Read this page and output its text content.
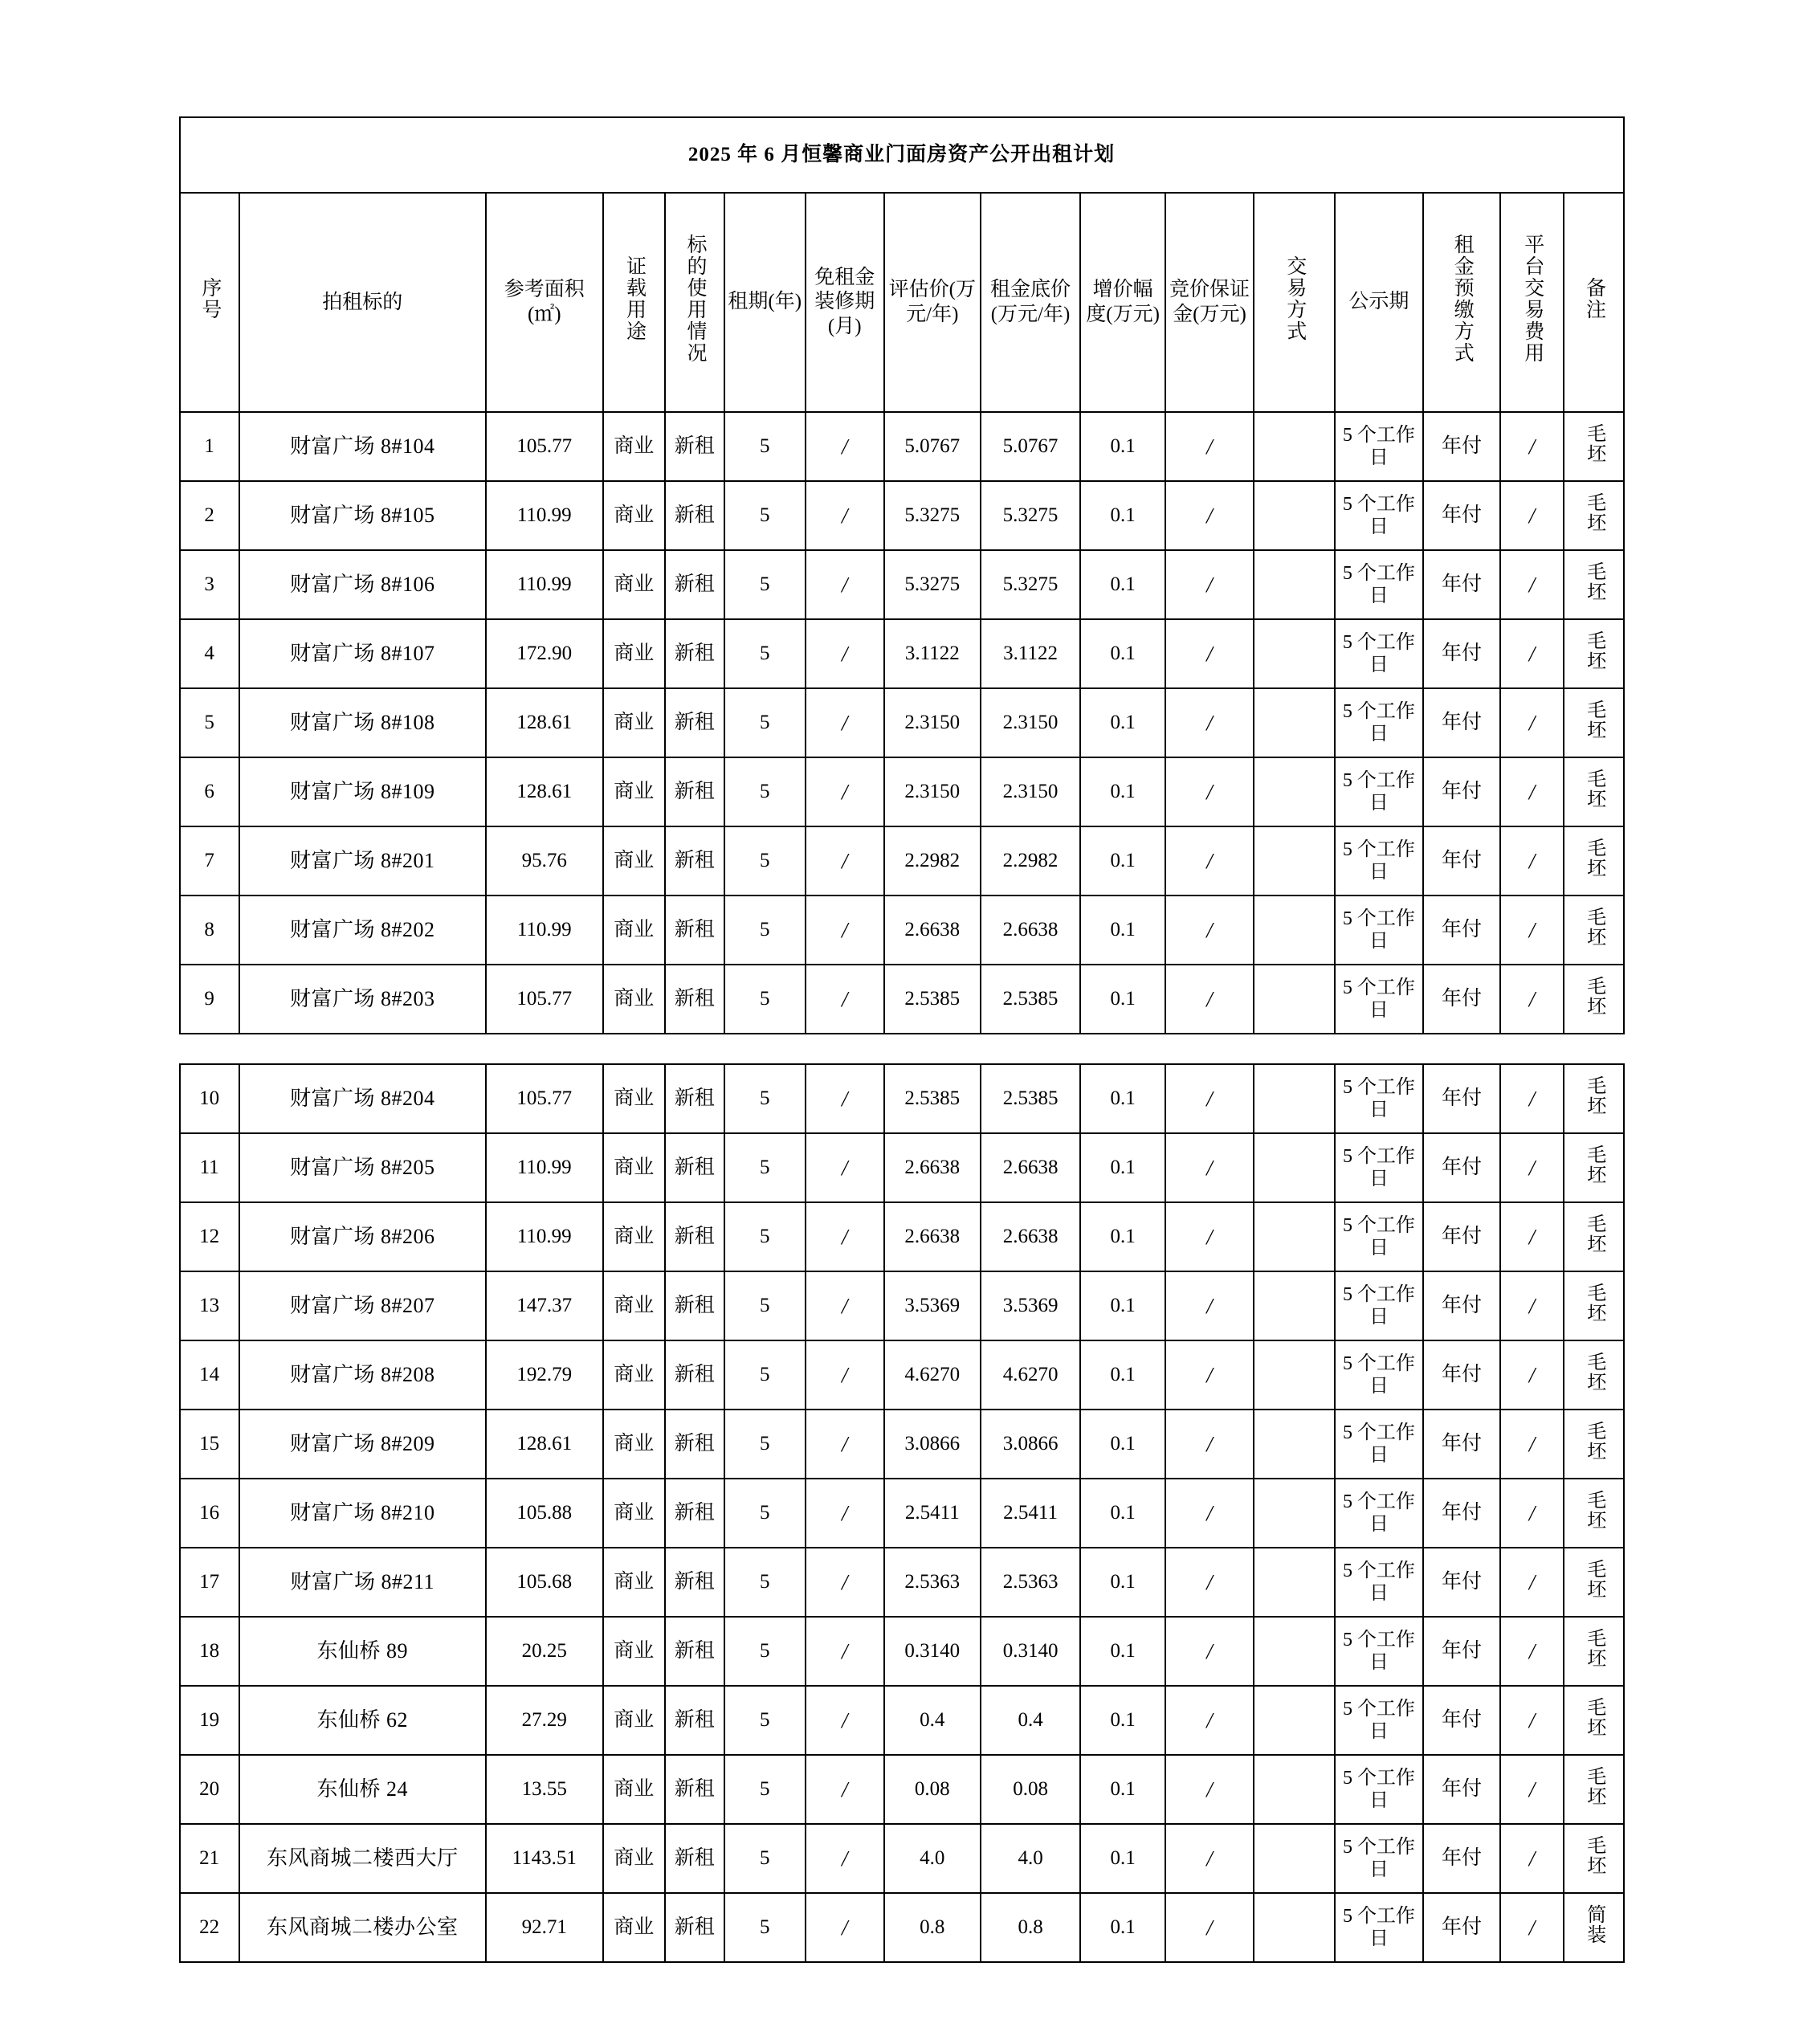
2025 年 6 月恒馨商业门面房资产公开出租计划															
序号	拍租标的	参考面积(㎡)	证载用途	标的使用情况	租期(年)	免租金装修期(月)	评估价(万元/年)	租金底价(万元/年)	增价幅度(万元)	竞价保证金(万元)	交易方式	公示期	租金预缴方式	平台交易费用	备注
1	财富广场 8#104	105.77	商业	新租	5	/	5.0767	5.0767	0.1	/		5 个工作日	年付	/	毛坯
2	财富广场 8#105	110.99	商业	新租	5	/	5.3275	5.3275	0.1	/		5 个工作日	年付	/	毛坯
3	财富广场 8#106	110.99	商业	新租	5	/	5.3275	5.3275	0.1	/		5 个工作日	年付	/	毛坯
4	财富广场 8#107	172.90	商业	新租	5	/	3.1122	3.1122	0.1	/		5 个工作日	年付	/	毛坯
5	财富广场 8#108	128.61	商业	新租	5	/	2.3150	2.3150	0.1	/		5 个工作日	年付	/	毛坯
6	财富广场 8#109	128.61	商业	新租	5	/	2.3150	2.3150	0.1	/		5 个工作日	年付	/	毛坯
7	财富广场 8#201	95.76	商业	新租	5	/	2.2982	2.2982	0.1	/		5 个工作日	年付	/	毛坯
8	财富广场 8#202	110.99	商业	新租	5	/	2.6638	2.6638	0.1	/		5 个工作日	年付	/	毛坯
9	财富广场 8#203	105.77	商业	新租	5	/	2.5385	2.5385	0.1	/		5 个工作日	年付	/	毛坯
10	财富广场 8#204	105.77	商业	新租	5	/	2.5385	2.5385	0.1	/		5 个工作日	年付	/	毛坯
11	财富广场 8#205	110.99	商业	新租	5	/	2.6638	2.6638	0.1	/		5 个工作日	年付	/	毛坯
12	财富广场 8#206	110.99	商业	新租	5	/	2.6638	2.6638	0.1	/		5 个工作日	年付	/	毛坯
13	财富广场 8#207	147.37	商业	新租	5	/	3.5369	3.5369	0.1	/		5 个工作日	年付	/	毛坯
14	财富广场 8#208	192.79	商业	新租	5	/	4.6270	4.6270	0.1	/		5 个工作日	年付	/	毛坯
15	财富广场 8#209	128.61	商业	新租	5	/	3.0866	3.0866	0.1	/		5 个工作日	年付	/	毛坯
16	财富广场 8#210	105.88	商业	新租	5	/	2.5411	2.5411	0.1	/		5 个工作日	年付	/	毛坯
17	财富广场 8#211	105.68	商业	新租	5	/	2.5363	2.5363	0.1	/		5 个工作日	年付	/	毛坯
18	东仙桥 89	20.25	商业	新租	5	/	0.3140	0.3140	0.1	/		5 个工作日	年付	/	毛坯
19	东仙桥 62	27.29	商业	新租	5	/	0.4	0.4	0.1	/		5 个工作日	年付	/	毛坯
20	东仙桥 24	13.55	商业	新租	5	/	0.08	0.08	0.1	/		5 个工作日	年付	/	毛坯
21	东风商城二楼西大厅	1143.51	商业	新租	5	/	4.0	4.0	0.1	/		5 个工作日	年付	/	毛坯
22	东风商城二楼办公室	92.71	商业	新租	5	/	0.8	0.8	0.1	/		5 个工作日	年付	/	简装
